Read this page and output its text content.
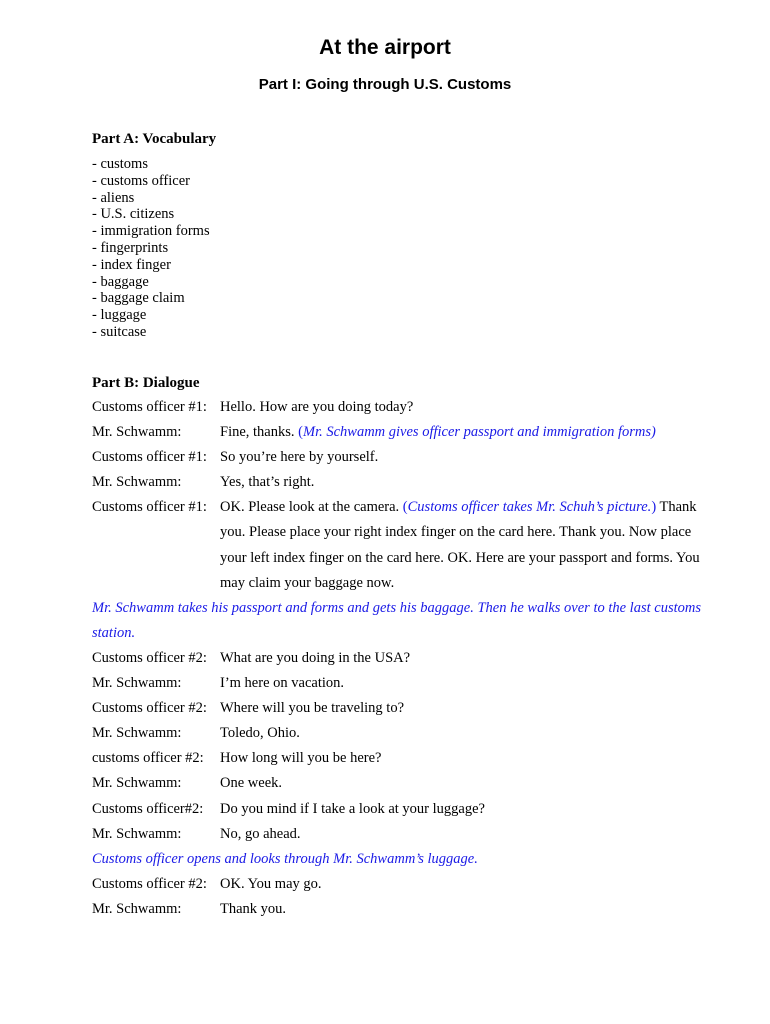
At the airport
Part I: Going through U.S. Customs
Part A: Vocabulary
- customs
- customs officer
- aliens
- U.S. citizens
- immigration forms
- fingerprints
- index finger
- baggage
- baggage claim
- luggage
- suitcase
Part B: Dialogue
Customs officer #1: Hello. How are you doing today?
Mr. Schwamm:	Fine, thanks. (Mr. Schwamm gives officer passport and immigration forms)
Customs officer #1: So you’re here by yourself.
Mr. Schwamm:	Yes, that’s right.
Customs officer #1: OK. Please look at the camera. (Customs officer takes Mr. Schuh’s picture.) Thank you. Please place your right index finger on the card here. Thank you. Now place your left index finger on the card here. OK. Here are your passport and forms. You may claim your baggage now.
Mr. Schwamm takes his passport and forms and gets his baggage. Then he walks over to the last customs station.
Customs officer #2: What are you doing in the USA?
Mr. Schwamm:	I’m here on vacation.
Customs officer #2: Where will you be traveling to?
Mr. Schwamm:	Toledo, Ohio.
customs officer #2:	How long will you be here?
Mr. Schwamm:	One week.
Customs officer#2:	Do you mind if I take a look at your luggage?
Mr. Schwamm:	No, go ahead.
Customs officer opens and looks through Mr. Schwamm’s luggage.
Customs officer #2: OK. You may go.
Mr. Schwamm:	Thank you.
